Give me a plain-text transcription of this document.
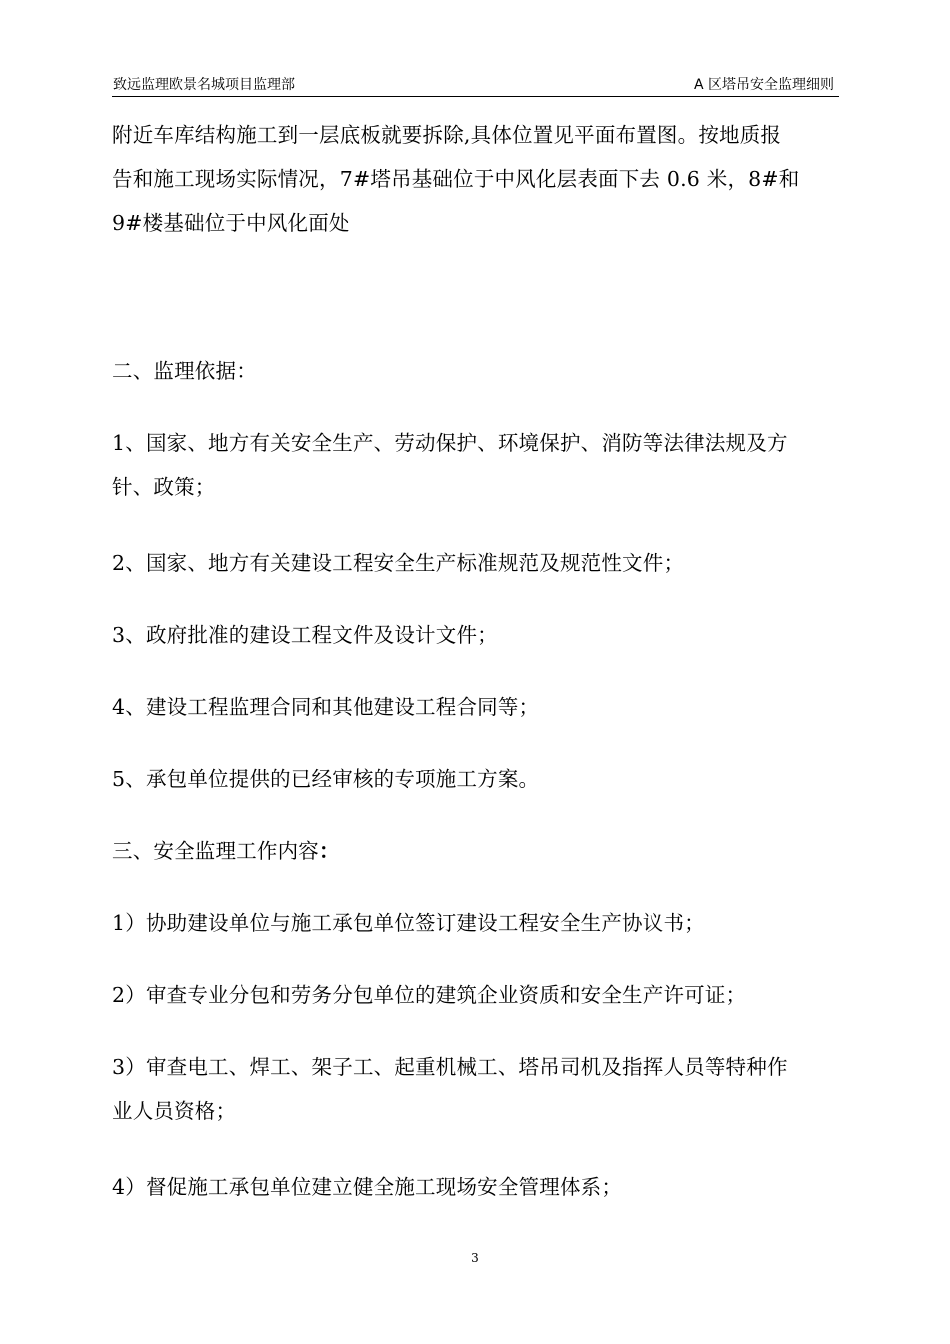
致远监理欧景名城项目监理部	A 区塔吊安全监理细则

附近车库结构施工到一层底板就要拆除,具体位置见平面布置图。按地质报
告和施工现场实际情况，7#塔吊基础位于中风化层表面下去 0.6 米，8#和
9#楼基础位于中风化面处

二、监理依据：

1、国家、地方有关安全生产、劳动保护、环境保护、消防等法律法规及方
针、政策；

2、国家、地方有关建设工程安全生产标准规范及规范性文件；

3、政府批准的建设工程文件及设计文件；

4、建设工程监理合同和其他建设工程合同等；

5、承包单位提供的已经审核的专项施工方案。

三、安全监理工作内容：

1）协助建设单位与施工承包单位签订建设工程安全生产协议书；

2）审查专业分包和劳务分包单位的建筑企业资质和安全生产许可证；

3）审查电工、焊工、架子工、起重机械工、塔吊司机及指挥人员等特种作
业人员资格；

4）督促施工承包单位建立健全施工现场安全管理体系；

3
